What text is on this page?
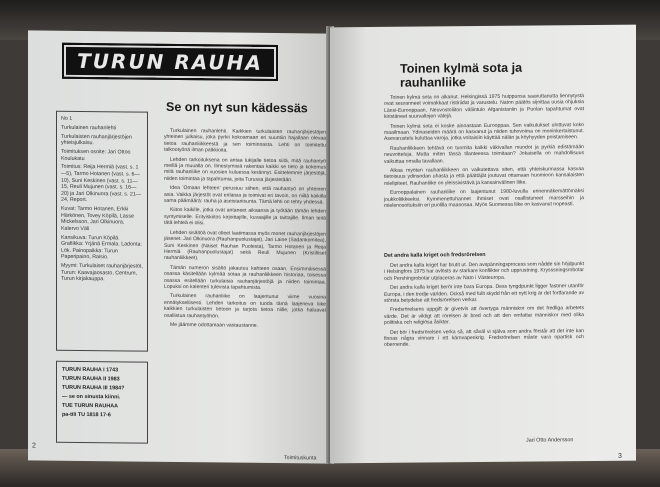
TURUN RAUHA
Se on nyt sun kädessäs
No 1
Turkulainen rauhanlehti
Turkulaisten rauhanjärjestöjen yhteisjulkaisu.
Toimituksen osoite: Jari Ottoo Koulukatu
Toimitus: Reija Hermiä (vast. s. 1—5), Tarmo Hotanen (vast. s. 6—10), Suni Keskinen (vast. s. 11—15, Reuli Mujunen (vast. s. 16—20) ja Jari Olkinuora (vast. s. 21—24, Report.
Kuvat: Tarmo Hotanen, Erkki Härkönen, Tovey Köpilä, Lasse Mickelsson, Jari Olkinuora, Kalervo Väli
Kansikuva: Turun Köpilä. Grafiikka: Yrjänä Ermala. Ladonta: Lök. Painopaikka: Turun Paperipaino, Raisio.
Myymi: Turkulaiset rauhanjärjestöt, Turun: Kaavajaosasto, Centrum, Turun kirjakauppa.
TURUN RAUHA I 1743
TURUN RAUHA II 1983
TURUN RAUHA III 1984?
— se on sinusta kiinni.
TUE TURUN RAUHAA
pa-tili TU 1818 17-6

Turkulainen rauhanlehti. Kaikkien turkulaisten rauhanjärjestöjen yhteinen julkaisu, joka pyrkii kokoamaan eri suuntiin hajallaan olevaa tietoa rauhanliikkeestä ja sen toiminnasta. Lehti on toimitettu talkootyönä ilman palkkioita.

Lehden tarkoituksena on antaa lukijalle tietoa siitä, mitä rauhantyö meillä ja muualla on. Ilmestymisiä rakentaa kaikki se tieto ja kokemus mitä rauhanliike on vuosien kuluessa kerännyt. Esittelemme järjestöjä, niiden toimintaa ja tapahtumia, joita Turussa järjestetään.

Idea ’Omaan lehteen’ perustuu siihen, että rauhantyö on yhteinen asia. Vaikka järjestöt ovat erilaisia ja toimivat eri tavoin, on niillä kaikilla sama päämäärä: rauha ja aseistariisunta. Tämä lehti on tehty yhdessä.

Kiitos kaikille, jotka ovat antaneet aikaansa ja työtään tämän lehden syntymiselle. Erityiskiitos kirjoittajille, kuvaajille ja taittajille. Ilman teitä tätä lehteä ei olisi.

Lehden sisältöä ovat olleet laatimassa myös monet rauhanjärjestöjen jäsenet. Jari Olkinuora (Rauhanpuolustajat), Jari Laine (Sadankomitea), Suni Keskinen (Naiset Rauhan Puolesta), Tarmo Hotanen ja Reija Hermiä (Rauhanpuolustajat) sekä Reuli Mujunen (Kristilliset rauhanliikkeet).

Tämän numeron sisältö jakautuu kahteen osaan. Ensimmäisessä osassa käsitellään kylmää sotaa ja rauhanliikkeen historiaa, toisessa osassa esitellään turkulaisia rauhanjärjestöjä ja niiden toimintaa. Lopuksi on kalenteri tulevista tapahtumista.

Turkulainen rauhanliike on laajentunut viime vuosina ennätyksellisesti. Lehden tarkoitus on tuoda tämä laajeneva liike kaikkien turkulaisten tietoon ja tarjota tietoa niille, jotka haluavat osallistua rauhantyöhön.

Me jäämme odottamaan vastaustanne.

Toimituskunta
2
Toinen kylmä sota ja rauhanliike

Toinen kylmä sota on alkanut. Helsingissä 1975 huippunsa saavuttanutta liennytystä ovat seuranneet voimakkaat ristiriidat ja varustelu. Naton päätös sijoittaa uusia ohjuksia Länsi-Eurooppaan, Neuvostoliiton väliintulo Afganistaniin ja Puolan tapahtumat ovat kiristäneet suurvaltojen välejä.

Toinen kylmä sota ei koske ainoastaan Eurooppaa. Sen vaikutukset ulottuvat koko maailmaan. Ydinaseiden määrä on kasvanut ja niiden tuhovoima on moninkertaistunut. Asevarustelu kuluttaa varoja, jotka voitaisiin käyttää nälän ja köyhyyden poistamiseen.

Rauhanliikkeen tehtävä on tuomita kaikki väkivallan muodot ja pyrkiä edistämään neuvotteluja. Mutta miten tässä tilanteessa toimitaan? Jokaisella on mahdollisuus vaikuttaa omalla tavallaan.

Aikaa myöten rauhanliikkeen on vaikutettava siten, että yhteiskunnassa kasvaa tietoisuus ydinsodan uhasta ja että päättäjät joutuvat ottamaan huomioon kansalaisten mielipiteet. Rauhanliike on yleissivistävä ja kansainvälinen liike.

Eurooppalainen rauhanliike on laajentunut 1980-luvulla ennennäkemättömäksi joukkoliikkeeksi. Kymmenettuhannet ihmiset ovat osallistuneet marsseihin ja mielenosoituksiin eri puolilla maanosaa. Myös Suomessa liike on kasvanut nopeasti.

Det andra kalla kriget och fredsrörelsen

Det andra kalla kriget har brutit ut. Den avspänningsprocess som nådde sin höjdpunkt i Helsingfors 1975 har avlösts av starkare konflikter och upprustning. Krysssningsrobotar och Pershingrobotar utplaceras av Nato i Västeuropa.

Det andra kalla kriget berör inte bara Europa. Dess tyngdpunkt ligger fastmer utanför Europa, i den tredje världen. Också med fullt skydd från ett nytt krig är det fortfarande av största betydelse att fredsrörelsen verkar.

Fredsrörelsens uppgift är givetvis att övertyga människor om det fredliga arbetets värde. Det är viktigt att rörelsen är bred och att den omfattar människor med olika politiska och religiösa åsikter.

Det bör i fredsrörelsen verka så, att såväl vi själva som andra förstår att det inte kan finnas några vinnare i ett kärnvapenkrig. Fredsrörelsen måste vara opartisk och oberoende.

Jari Otto Andersson
3
